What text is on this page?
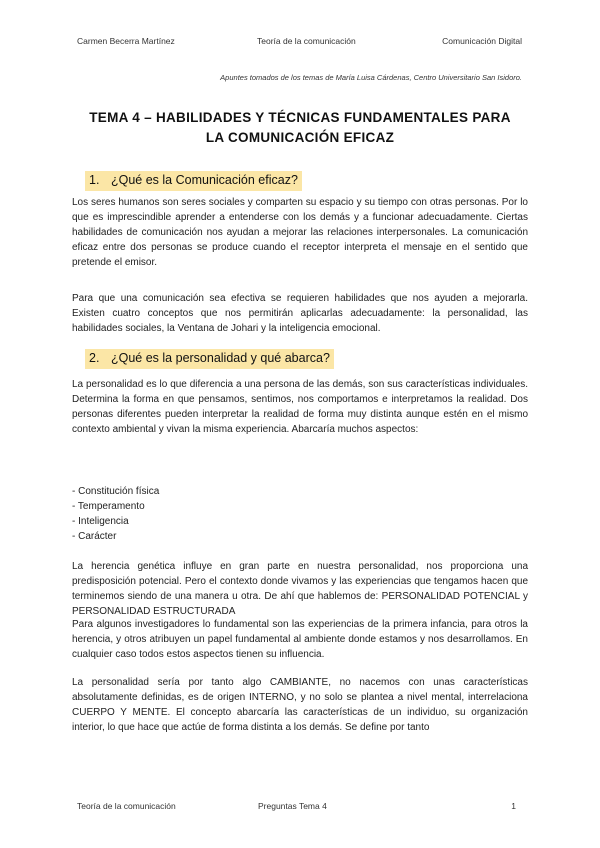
Carmen Becerra Martínez	Teoría de la comunicación	Comunicación Digital
Apuntes tomados de los temas de María Luisa Cárdenas, Centro Universitario San Isidoro.
TEMA 4 – HABILIDADES Y TÉCNICAS FUNDAMENTALES PARA
LA COMUNICACIÓN EFICAZ
1. ¿Qué es la Comunicación eficaz?

Los seres humanos son seres sociales y comparten su espacio y su tiempo con otras personas. Por lo que es imprescindible aprender a entenderse con los demás y a funcionar adecuadamente. Ciertas habilidades de comunicación nos ayudan a mejorar las relaciones interpersonales. La comunicación eficaz entre dos personas se produce cuando el receptor interpreta el mensaje en el sentido que pretende el emisor.

Para que una comunicación sea efectiva se requieren habilidades que nos ayuden a mejorarla. Existen cuatro conceptos que nos permitirán aplicarlas adecuadamente: la personalidad, las habilidades sociales, la Ventana de Johari y la inteligencia emocional.

2. ¿Qué es la personalidad y qué abarca?

La personalidad es lo que diferencia a una persona de las demás, son sus características individuales. Determina la forma en que pensamos, sentimos, nos comportamos e interpretamos la realidad. Dos personas diferentes pueden interpretar la realidad de forma muy distinta aunque estén en el mismo contexto ambiental y vivan la misma experiencia. Abarcaría muchos aspectos:

- Constitución física
- Temperamento
- Inteligencia
- Carácter

La herencia genética influye en gran parte en nuestra personalidad, nos proporciona una predisposición potencial. Pero el contexto donde vivamos y las experiencias que tengamos hacen que terminemos siendo de una manera u otra. De ahí que hablemos de: PERSONALIDAD POTENCIAL y PERSONALIDAD ESTRUCTURADA

Para algunos investigadores lo fundamental son las experiencias de la primera infancia, para otros la herencia, y otros atribuyen un papel fundamental al ambiente donde estamos y nos desarrollamos. En cualquier caso todos estos aspectos tienen su influencia.

La personalidad sería por tanto algo CAMBIANTE, no nacemos con unas características absolutamente definidas, es de origen INTERNO, y no solo se plantea a nivel mental, interrelaciona CUERPO Y MENTE. El concepto abarcaría las características de un individuo, su organización interior, lo que hace que actúe de forma distinta a los demás. Se define por tanto

Teoría de la comunicación	Preguntas Tema 4	1
